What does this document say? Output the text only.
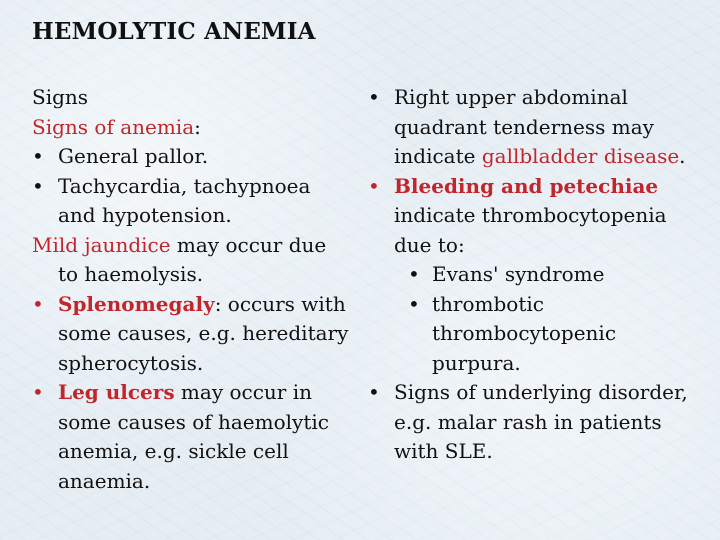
HEMOLYTIC ANEMIA
Signs
Signs of anemia:
• General pallor.
• Tachycardia, tachypnoea
and hypotension.
Mild jaundice may occur due
to haemolysis.
• Splenomegaly: occurs with
some causes, e.g. hereditary
spherocytosis.
• Leg ulcers may occur in
some causes of haemolytic
anemia, e.g. sickle cell
anaemia.
• Right upper abdominal
quadrant tenderness may
indicate gallbladder disease.
• Bleeding and petechiae
indicate thrombocytopenia
due to:
• Evans' syndrome
• thrombotic
thrombocytopenic
purpura.
• Signs of underlying disorder,
e.g. malar rash in patients
with SLE.
